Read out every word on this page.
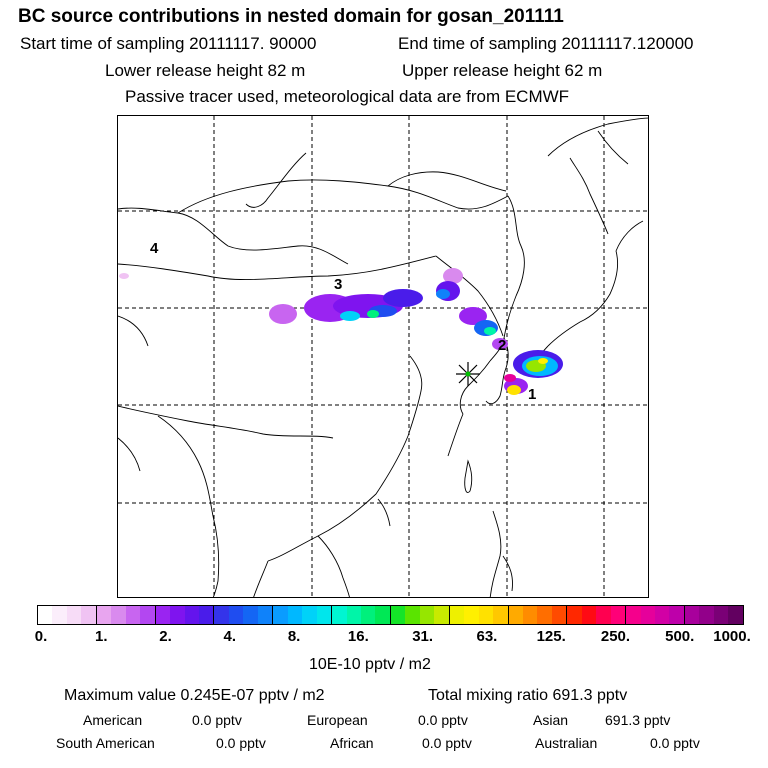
BC source contributions in nested domain for gosan_201111
Start time of sampling 20111117. 90000	End time of sampling 20111117.120000
Lower release height 82 m	Upper release height 62 m
Passive tracer used, meteorological data are from ECMWF
1
2
3
4
0.	1.	2.	4.	8.	16.	31.	63.	125. 250. 500. 1000.
10E-10 pptv / m2
Maximum value 0.245E-07 pptv / m2	Total mixing ratio 691.3 pptv
American	0.0 pptv	European	0.0 pptv	Asian	691.3 pptv
South American	0.0 pptv	African	0.0 pptv	Australian	0.0 pptv
